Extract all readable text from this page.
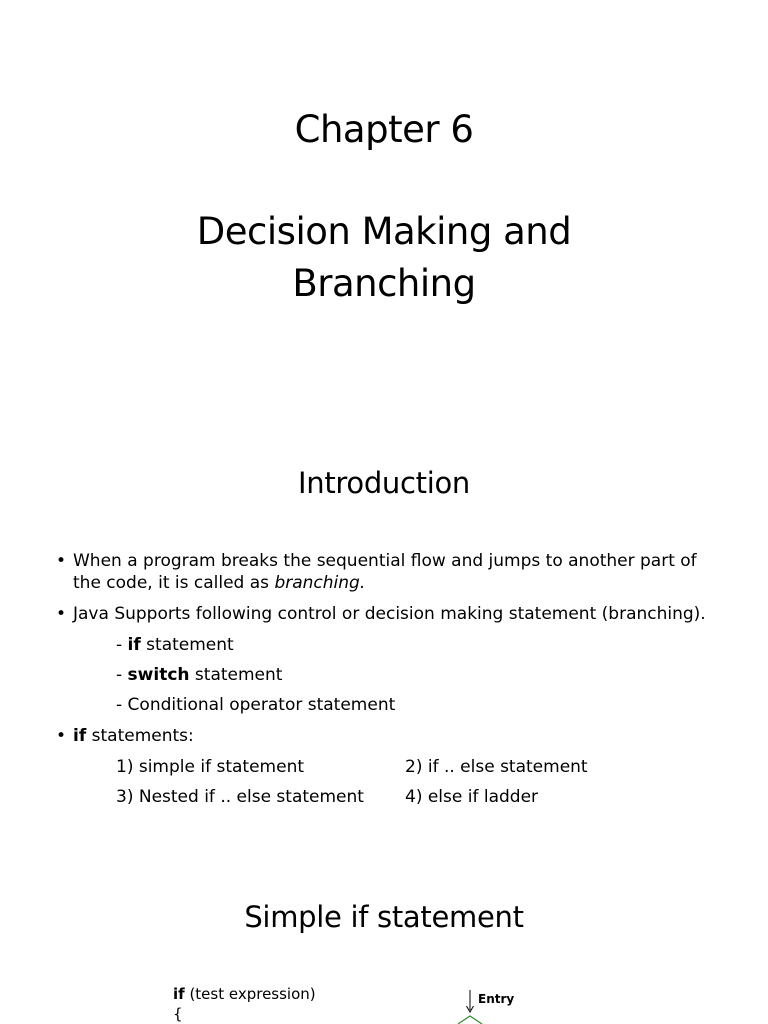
Chapter 6
Decision Making and
Branching
Introduction
• When a program breaks the sequential flow and jumps to another part of
the code, it is called as branching.
• Java Supports following control or decision making statement (branching).
- if statement
- switch statement
- Conditional operator statement
• if statements:
1) simple if statement	2) if .. else statement
3) Nested if .. else statement 4) else if ladder
Simple if statement
if (test expression)
{
Entry
